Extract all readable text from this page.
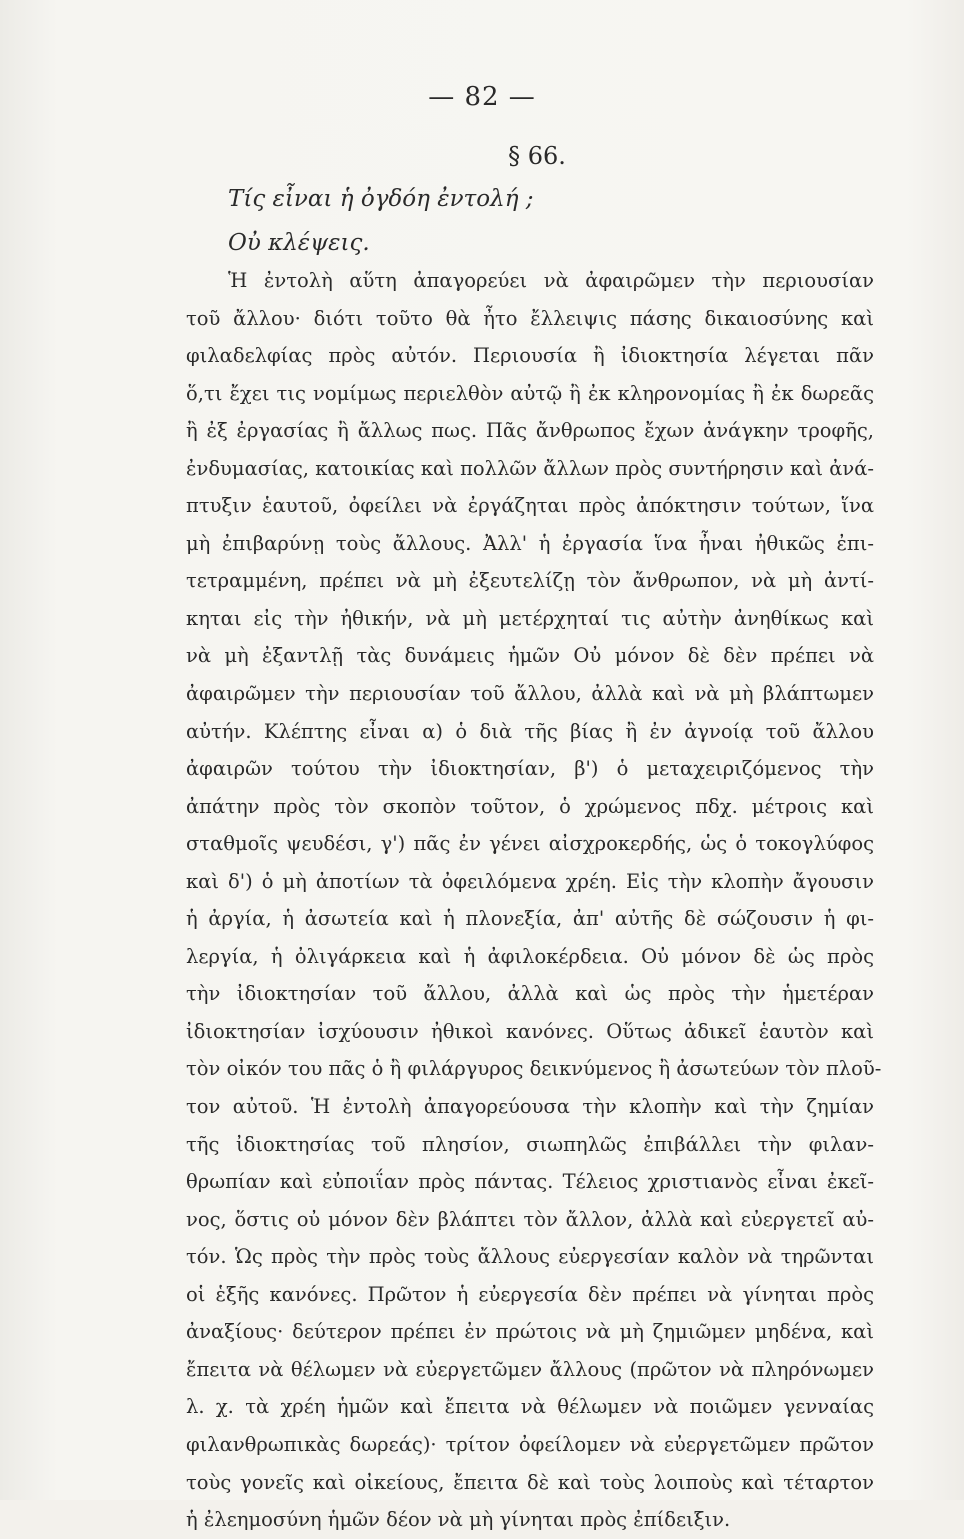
— 82 —
§ 66.
Τίς εἶναι ἡ ὀγδόη ἐντολή ;
Οὐ κλέψεις.
Ἡ ἐντολὴ αὕτη ἀπαγορεύει νὰ ἀφαιρῶμεν τὴν περιουσίαν
τοῦ ἄλλου· διότι τοῦτο θὰ ἦτο ἔλλειψις πάσης δικαιοσύνης καὶ
φιλαδελφίας πρὸς αὐτόν. Περιουσία ἢ ἰδιοκτησία λέγεται πᾶν
ὅ,τι ἔχει τις νομίμως περιελθὸν αὐτῷ ἢ ἐκ κληρονομίας ἢ ἐκ δωρεᾶς
ἢ ἐξ ἐργασίας ἢ ἄλλως πως. Πᾶς ἄνθρωπος ἔχων ἀνάγκην τροφῆς,
ἐνδυμασίας, κατοικίας καὶ πολλῶν ἄλλων πρὸς συντήρησιν καὶ ἀνά-
πτυξιν ἑαυτοῦ, ὀφείλει νὰ ἐργάζηται πρὸς ἀπόκτησιν τούτων, ἵνα
μὴ ἐπιβαρύνῃ τοὺς ἄλλους. Ἀλλ' ἡ ἐργασία ἵνα ἦναι ἠθικῶς ἐπι-
τετραμμένη, πρέπει νὰ μὴ ἐξευτελίζῃ τὸν ἄνθρωπον, νὰ μὴ ἀντί-
κηται εἰς τὴν ἠθικήν, νὰ μὴ μετέρχηταί τις αὐτὴν ἀνηθίκως καὶ
νὰ μὴ ἐξαντλῇ τὰς δυνάμεις ἡμῶν Οὐ μόνον δὲ δὲν πρέπει νὰ
ἀφαιρῶμεν τὴν περιουσίαν τοῦ ἄλλου, ἀλλὰ καὶ νὰ μὴ βλάπτωμεν
αὐτήν. Κλέπτης εἶναι α) ὁ διὰ τῆς βίας ἢ ἐν ἀγνοίᾳ τοῦ ἄλλου
ἀφαιρῶν τούτου τὴν ἰδιοκτησίαν, β') ὁ μεταχειριζόμενος τὴν
ἀπάτην πρὸς τὸν σκοπὸν τοῦτον, ὁ χρώμενος πδχ. μέτροις καὶ
σταθμοῖς ψευδέσι, γ') πᾶς ἐν γένει αἰσχροκερδής, ὡς ὁ τοκογλύφος
καὶ δ') ὁ μὴ ἀποτίων τὰ ὀφειλόμενα χρέη. Εἰς τὴν κλοπὴν ἄγουσιν
ἡ ἀργία, ἡ ἀσωτεία καὶ ἡ πλονεξία, ἀπ' αὐτῆς δὲ σώζουσιν ἡ φι-
λεργία, ἡ ὀλιγάρκεια καὶ ἡ ἀφιλοκέρδεια. Οὐ μόνον δὲ ὡς πρὸς
τὴν ἰδιοκτησίαν τοῦ ἄλλου, ἀλλὰ καὶ ὡς πρὸς τὴν ἡμετέραν
ἰδιοκτησίαν ἰσχύουσιν ἠθικοὶ κανόνες. Οὕτως ἀδικεῖ ἑαυτὸν καὶ
τὸν οἰκόν του πᾶς ὁ ἢ φιλάργυρος δεικνύμενος ἢ ἀσωτεύων τὸν πλοῦ-
τον αὐτοῦ. Ἡ ἐντολὴ ἀπαγορεύουσα τὴν κλοπὴν καὶ τὴν ζημίαν
τῆς ἰδιοκτησίας τοῦ πλησίον, σιωπηλῶς ἐπιβάλλει τὴν φιλαν-
θρωπίαν καὶ εὐποιΐαν πρὸς πάντας. Τέλειος χριστιανὸς εἶναι ἐκεῖ-
νος, ὅστις οὐ μόνον δὲν βλάπτει τὸν ἄλλον, ἀλλὰ καὶ εὐεργετεῖ αὐ-
τόν. Ὡς πρὸς τὴν πρὸς τοὺς ἄλλους εὐεργεσίαν καλὸν νὰ τηρῶνται
οἱ ἑξῆς κανόνες. Πρῶτον ἡ εὐεργεσία δὲν πρέπει νὰ γίνηται πρὸς
ἀναξίους· δεύτερον πρέπει ἐν πρώτοις νὰ μὴ ζημιῶμεν μηδένα, καὶ
ἔπειτα νὰ θέλωμεν νὰ εὐεργετῶμεν ἄλλους (πρῶτον νὰ πληρόνωμεν
λ. χ. τὰ χρέη ἡμῶν καὶ ἔπειτα νὰ θέλωμεν νὰ ποιῶμεν γενναίας
φιλανθρωπικὰς δωρεάς)· τρίτον ὀφείλομεν νὰ εὐεργετῶμεν πρῶτον
τοὺς γονεῖς καὶ οἰκείους, ἔπειτα δὲ καὶ τοὺς λοιποὺς καὶ τέταρτον
ἡ ἐλεημοσύνη ἡμῶν δέον νὰ μὴ γίνηται πρὸς ἐπίδειξιν.
